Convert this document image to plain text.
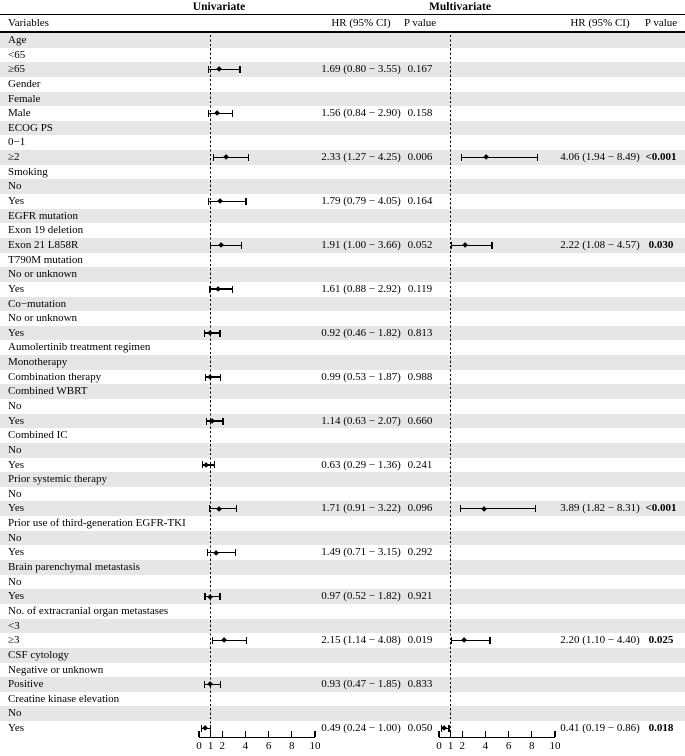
Univariate	Multivariate
Variables	HR (95% CI)	P value	HR (95% CI)	P value
Age
<65
≥65	1.69 (0.80 − 3.55) 0.167
Gender
Female
Male	1.56 (0.84 − 2.90) 0.158
ECOG PS
0−1
≥2	2.33 (1.27 − 4.25) 0.006	4.06 (1.94 − 8.49) <0.001
Smoking
No
Yes	1.79 (0.79 − 4.05) 0.164
EGFR mutation
Exon 19 deletion
Exon 21 L858R	1.91 (1.00 − 3.66) 0.052	2.22 (1.08 − 4.57) 0.030
T790M mutation
No or unknown
Yes	1.61 (0.88 − 2.92) 0.119
Co−mutation
No or unknown
Yes	0.92 (0.46 − 1.82) 0.813
Aumolertinib treatment regimen
Monotherapy
Combination therapy	0.99 (0.53 − 1.87) 0.988
Combined WBRT
No
Yes	1.14 (0.63 − 2.07) 0.660
Combined IC
No
Yes	0.63 (0.29 − 1.36) 0.241
Prior systemic therapy
No
Yes	1.71 (0.91 − 3.22) 0.096	3.89 (1.82 − 8.31) <0.001
Prior use of third-generation EGFR-TKI
No
Yes	1.49 (0.71 − 3.15) 0.292
Brain parenchymal metastasis
No
Yes	0.97 (0.52 − 1.82) 0.921
No. of extracranial organ metastases
<3
≥3	2.15 (1.14 − 4.08) 0.019	2.20 (1.10 − 4.40) 0.025
CSF cytology
Negative or unknown
Positive	0.93 (0.47 − 1.85) 0.833
Creatine kinase elevation
No
Yes	0.49 (0.24 − 1.00) 0.050	0.41 (0.19 − 0.86) 0.018
0 1 2	4	6	8	10	0 1 2	4	6	8	10
